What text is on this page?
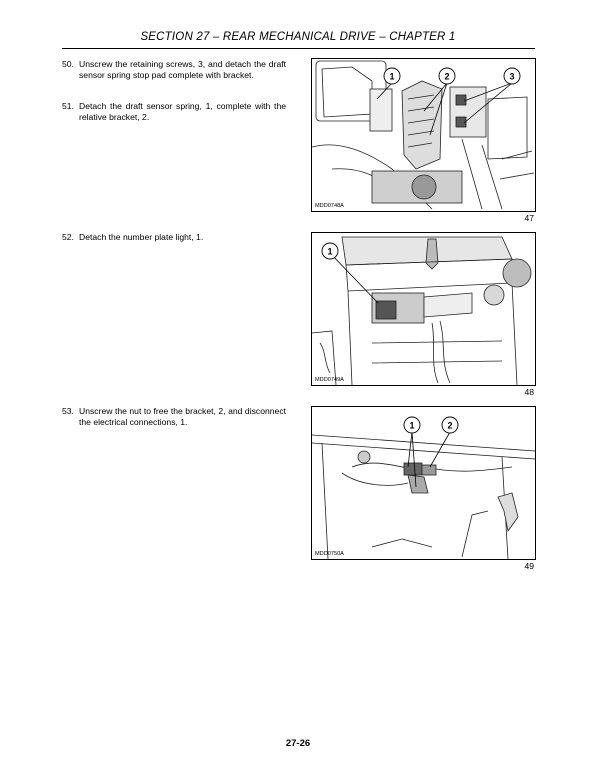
SECTION 27 – REAR MECHANICAL DRIVE – CHAPTER 1
50. Unscrew the retaining screws, 3, and detach the draft sensor spring stop pad complete with bracket.
51. Detach the draft sensor spring, 1, complete with the relative bracket, 2.
52. Detach the number plate light, 1.
53. Unscrew the nut to free the bracket, 2, and disconnect the electrical connections, 1.
1	2	3
MDD0748A
47
1
MDD0749A
48
1	2
MDD0750A
49
27-26
